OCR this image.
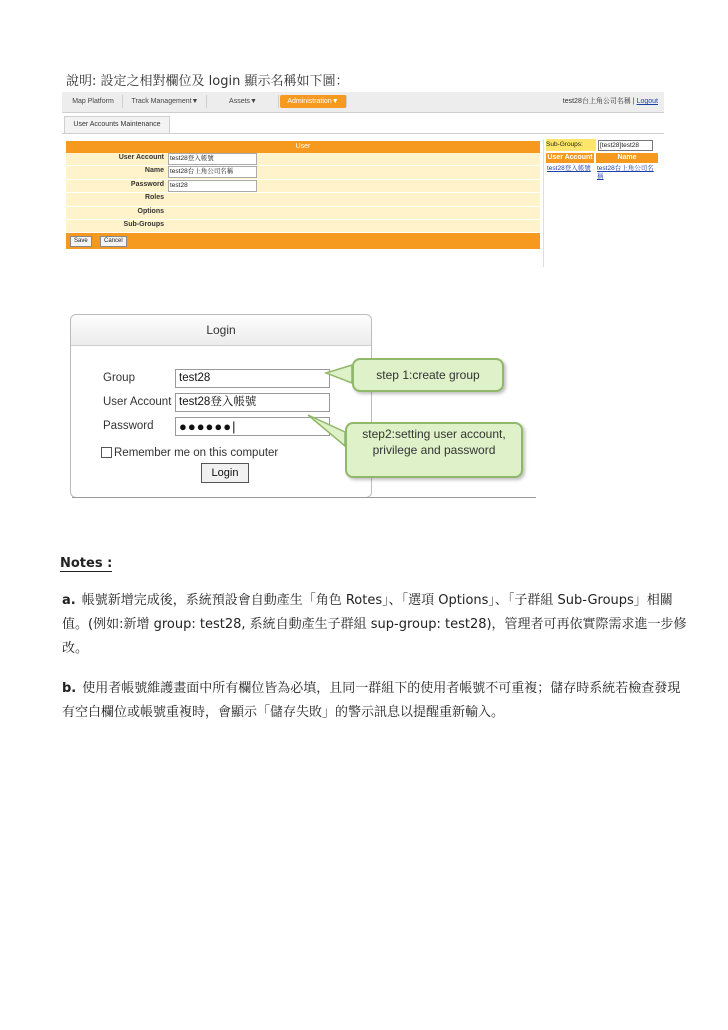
說明: 設定之相對欄位及 login 顯示名稱如下圖：
Map Platform	Track Management▼	Assets▼	Administration▼	test28台上角公司名稱 | Logout
User Accounts Maintenance
User
User Account test28登入帳號
Name test28台上角公司名稱
Password test28
Roles
Options
Sub-Groups
Save	Cancel
Sub-Groups:	[test28]test28
User Account	Name
test28登入帳號 test28台上角公司名稱
Login
Group	test28
User Account test28登入帳號
Password	●●●●●●|
Remember me on this computer
Login
step 1:create group
step2:setting user account, privilege and password
Notes :
a. 帳號新增完成後，系統預設會自動產生「角色 Rotes」、「選項 Options」、「子群組 Sub-Groups」相關值。(例如:新增 group: test28, 系統自動產生子群組 sup-group: test28)，管理者可再依實際需求進一步修改。
b. 使用者帳號維護畫面中所有欄位皆為必填，且同一群組下的使用者帳號不可重複；儲存時系統若檢查發現有空白欄位或帳號重複時，會顯示「儲存失敗」的警示訊息以提醒重新輸入。
